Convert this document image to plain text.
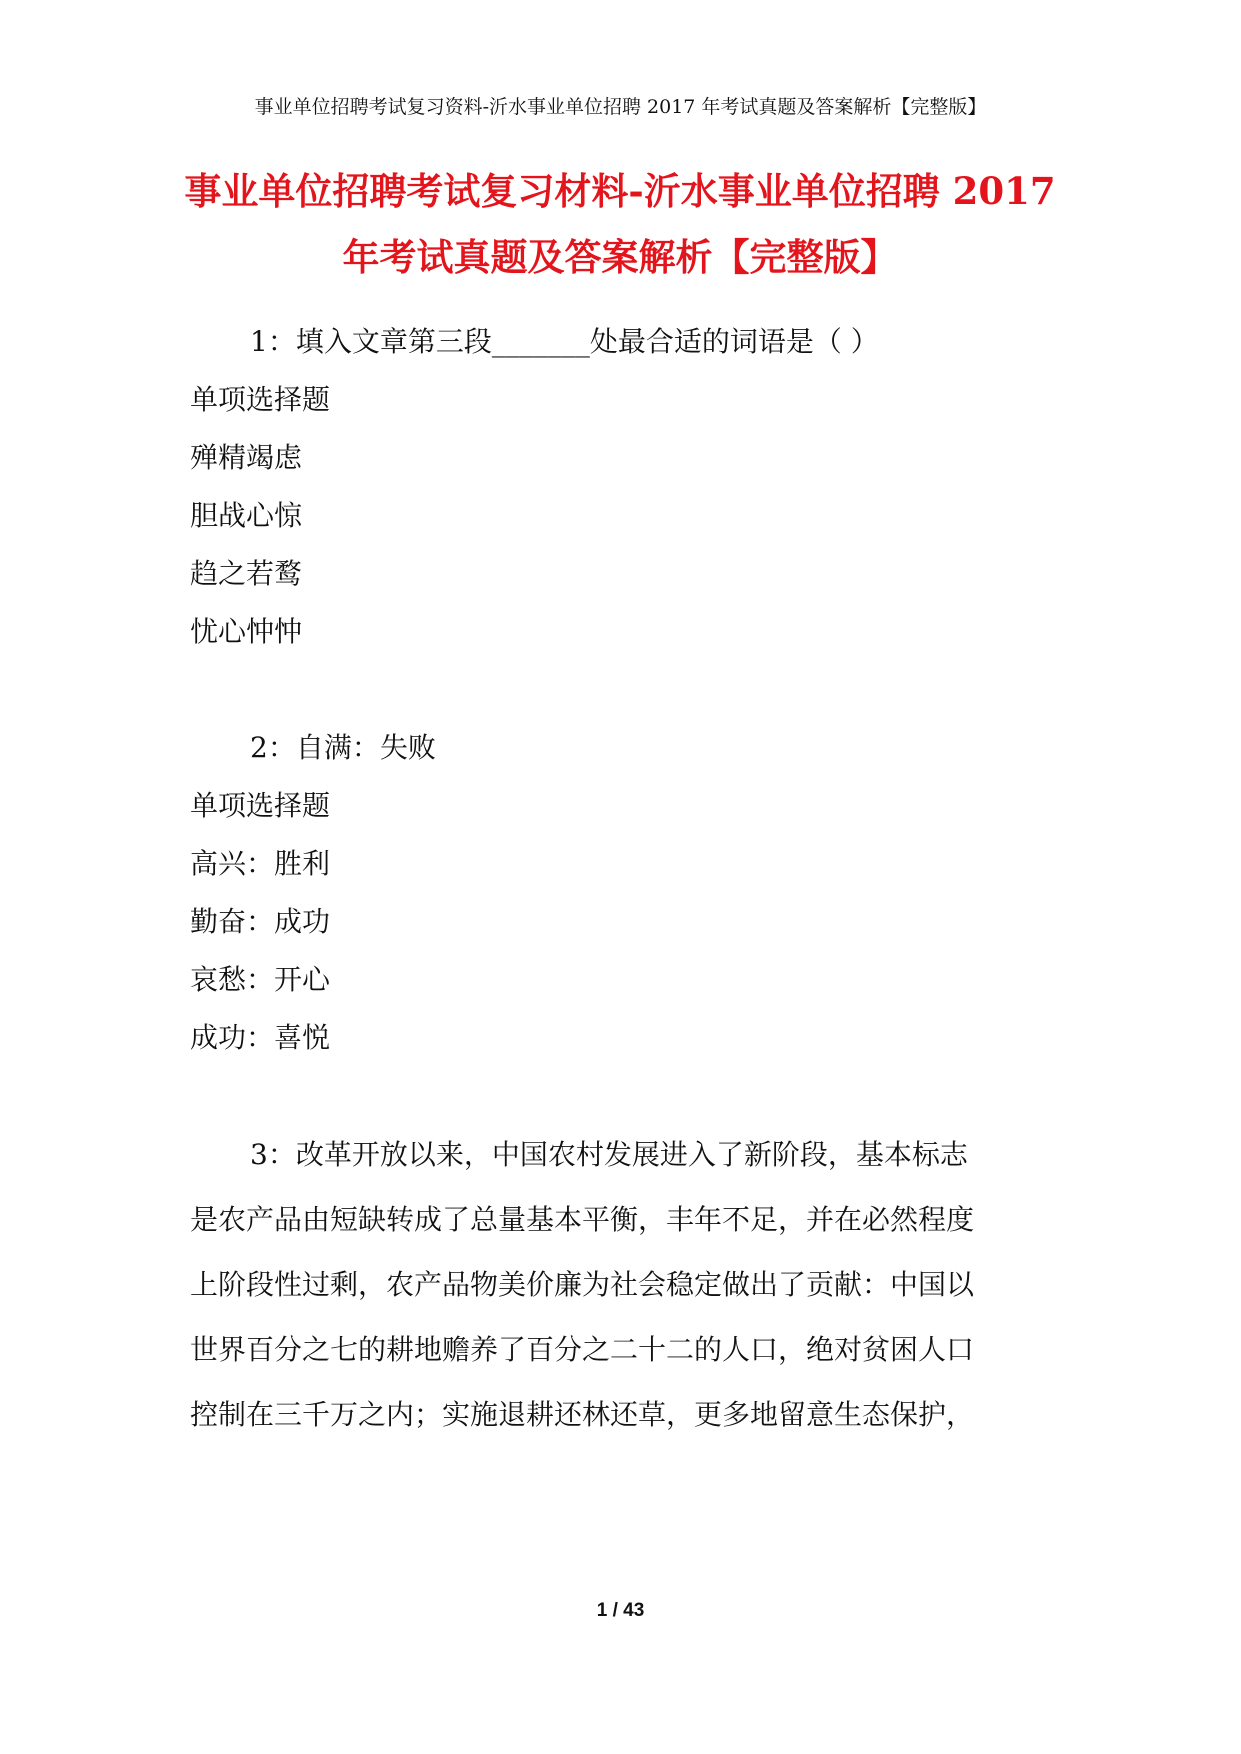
事业单位招聘考试复习资料-沂水事业单位招聘 2017 年考试真题及答案解析【完整版】
事业单位招聘考试复习材料-沂水事业单位招聘 2017
年考试真题及答案解析【完整版】
1：填入文章第三段_______处最合适的词语是（ ）
单项选择题
殚精竭虑
胆战心惊
趋之若鹜
忧心忡忡
2：自满：失败
单项选择题
高兴：胜利
勤奋：成功
哀愁：开心
成功：喜悦
3：改革开放以来，中国农村发展进入了新阶段，基本标志
是农产品由短缺转成了总量基本平衡，丰年不足，并在必然程度
上阶段性过剩，农产品物美价廉为社会稳定做出了贡献：中国以
世界百分之七的耕地赡养了百分之二十二的人口，绝对贫困人口
控制在三千万之内；实施退耕还林还草，更多地留意生态保护，
1 / 43
